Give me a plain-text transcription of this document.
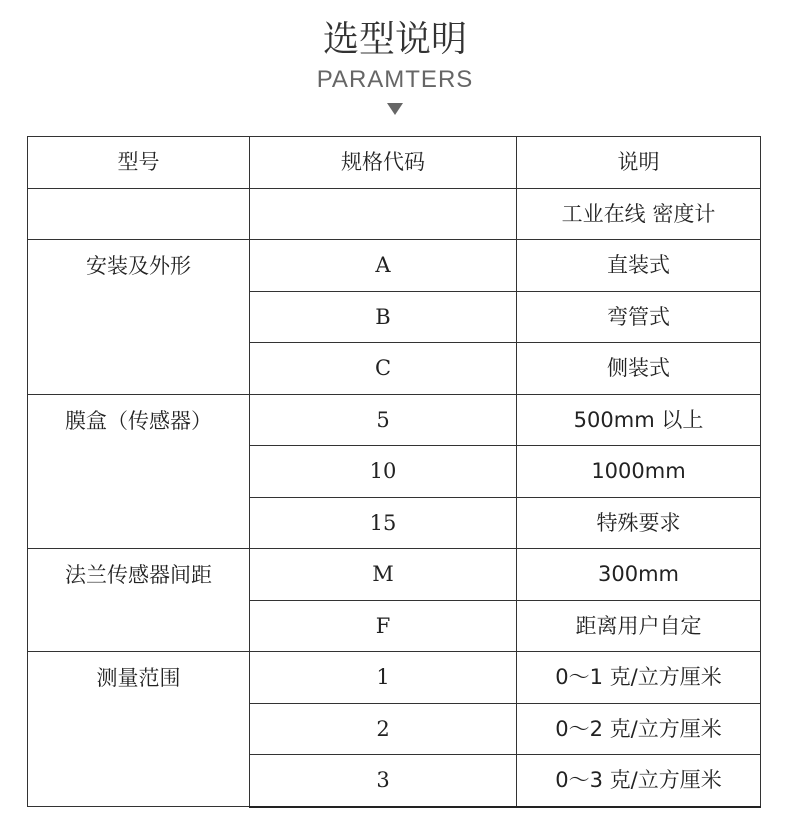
选型说明
PARAMTERS
型号	规格代码	说明
		工业在线 密度计
安装及外形	A	直装式
	B	弯管式
	C	侧装式
膜盒（传感器）	5	500mm 以上
	10	1000mm
	15	特殊要求
法兰传感器间距	M	300mm
	F	距离用户自定
测量范围	1	0～1 克/立方厘米
	2	0～2 克/立方厘米
	3	0～3 克/立方厘米
